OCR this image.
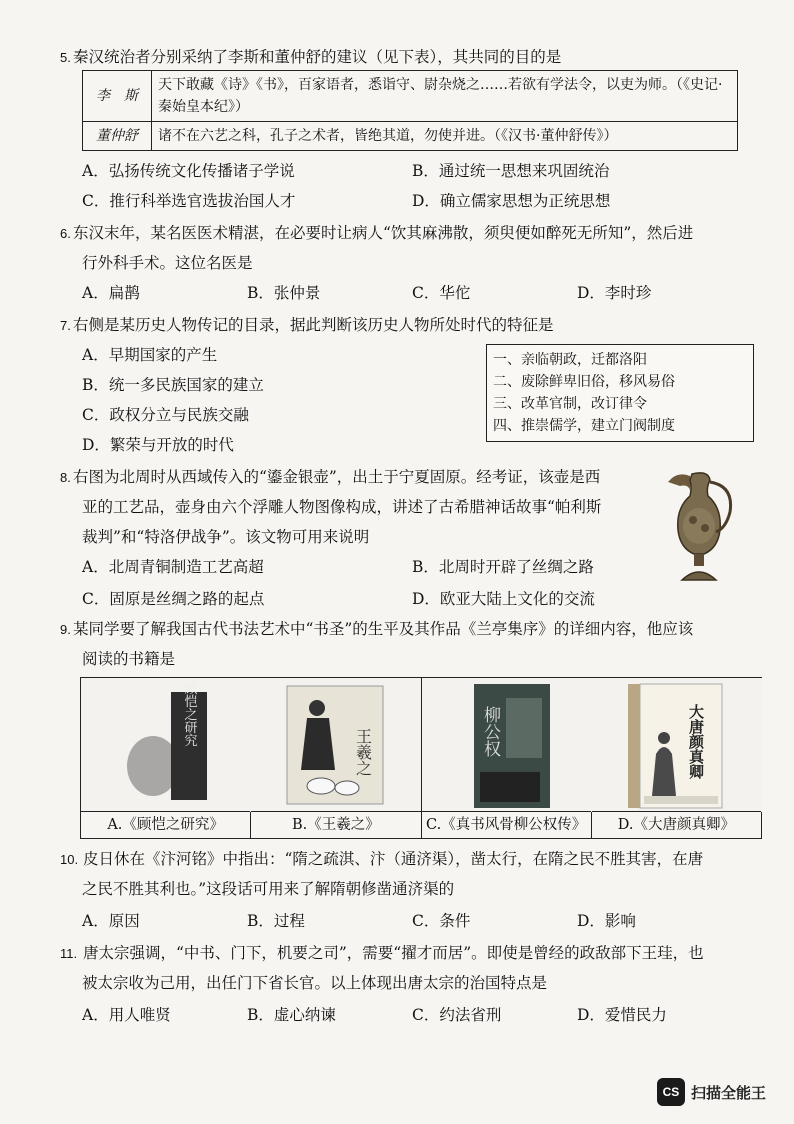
5. 秦汉统治者分别采纳了李斯和董仲舒的建议（见下表），其共同的目的是
李　斯	天下敢藏《诗》《书》，百家语者，悉诣守、尉杂烧之……若欲有学法令，以吏为师。（《史记·秦始皇本纪》）
董仲舒	诸不在六艺之科，孔子之术者，皆绝其道，勿使并进。（《汉书·董仲舒传》）
A．弘扬传统文化传播诸子学说	B．通过统一思想来巩固统治
C．推行科举选官选拔治国人才	D．确立儒家思想为正统思想
6. 东汉末年，某名医医术精湛，在必要时让病人“饮其麻沸散，须臾便如醉死无所知”，然后进
行外科手术。这位名医是
A．扁鹊	B．张仲景	C．华佗	D．李时珍
7. 右侧是某历史人物传记的目录，据此判断该历史人物所处时代的特征是
A．早期国家的产生
B．统一多民族国家的建立
C．政权分立与民族交融
D．繁荣与开放的时代
一、亲临朝政，迁都洛阳
二、废除鲜卑旧俗，移风易俗
三、改革官制，改订律令
四、推崇儒学，建立门阀制度
8. 右图为北周时从西域传入的“鎏金银壶”，出土于宁夏固原。经考证，该壶是西
亚的工艺品，壶身由六个浮雕人物图像构成，讲述了古希腊神话故事“帕利斯
裁判”和“特洛伊战争”。该文物可用来说明
A．北周青铜制造工艺高超	B．北周时开辟了丝绸之路
C．固原是丝绸之路的起点	D．欧亚大陆上文化的交流
9. 某同学要了解我国古代书法艺术中“书圣”的生平及其作品《兰亭集序》的详细内容，他应该
阅读的书籍是
顾恺之研究
A.《顾恺之研究》
王羲之
B.《王羲之》
柳公权
C.《真书风骨柳公权传》
大唐颜真卿
D.《大唐颜真卿》
10. 皮日休在《汴河铭》中指出：“隋之疏淇、汴（通济渠），凿太行，在隋之民不胜其害，在唐
之民不胜其利也。”这段话可用来了解隋朝修凿通济渠的
A．原因	B．过程	C．条件	D．影响
11. 唐太宗强调，“中书、门下，机要之司”，需要“擢才而居”。即使是曾经的政敌部下王珪，也
被太宗收为己用，出任门下省长官。以上体现出唐太宗的治国特点是
A．用人唯贤	B．虚心纳谏	C．约法省刑	D．爱惜民力
CS 扫描全能王
